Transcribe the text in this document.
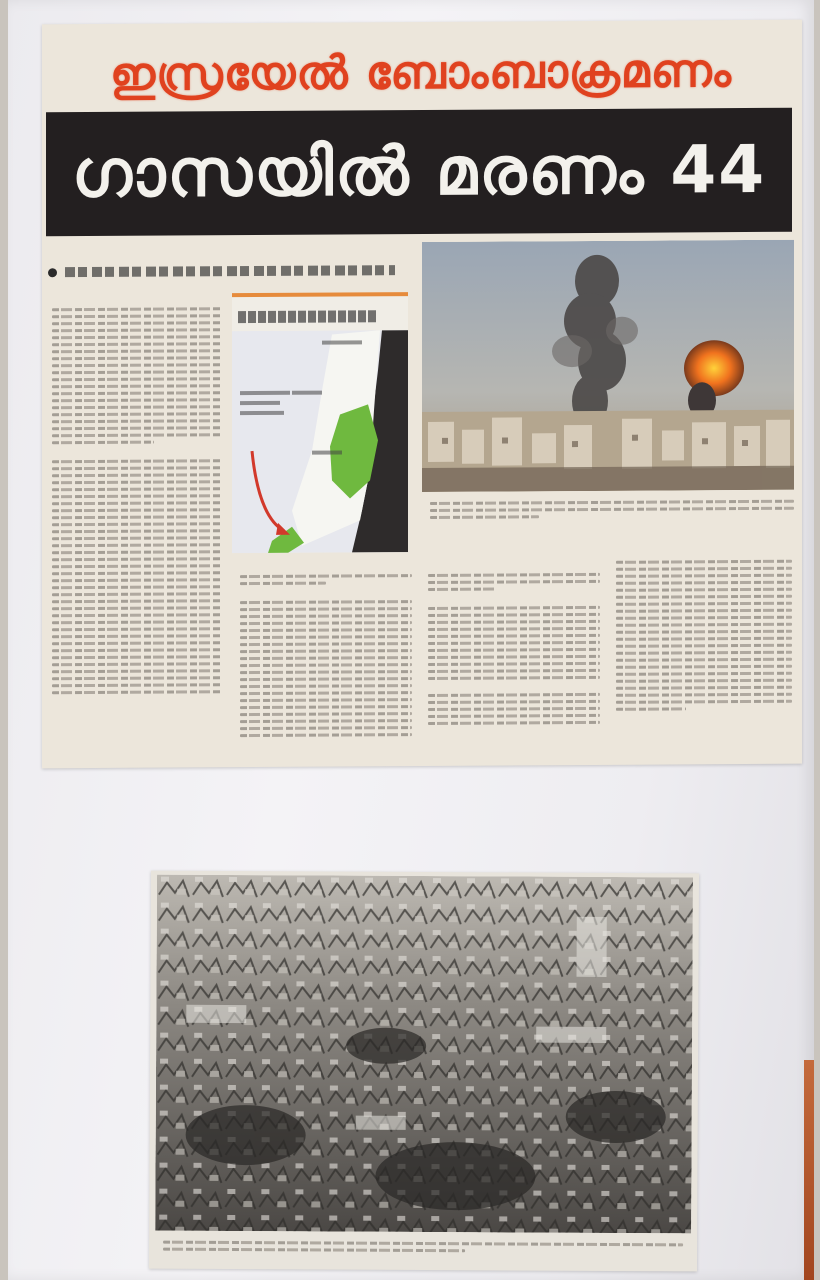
ഇസ്രയേൽ ബോംബാക്രമണം
ഗാസയിൽ മരണം 44
